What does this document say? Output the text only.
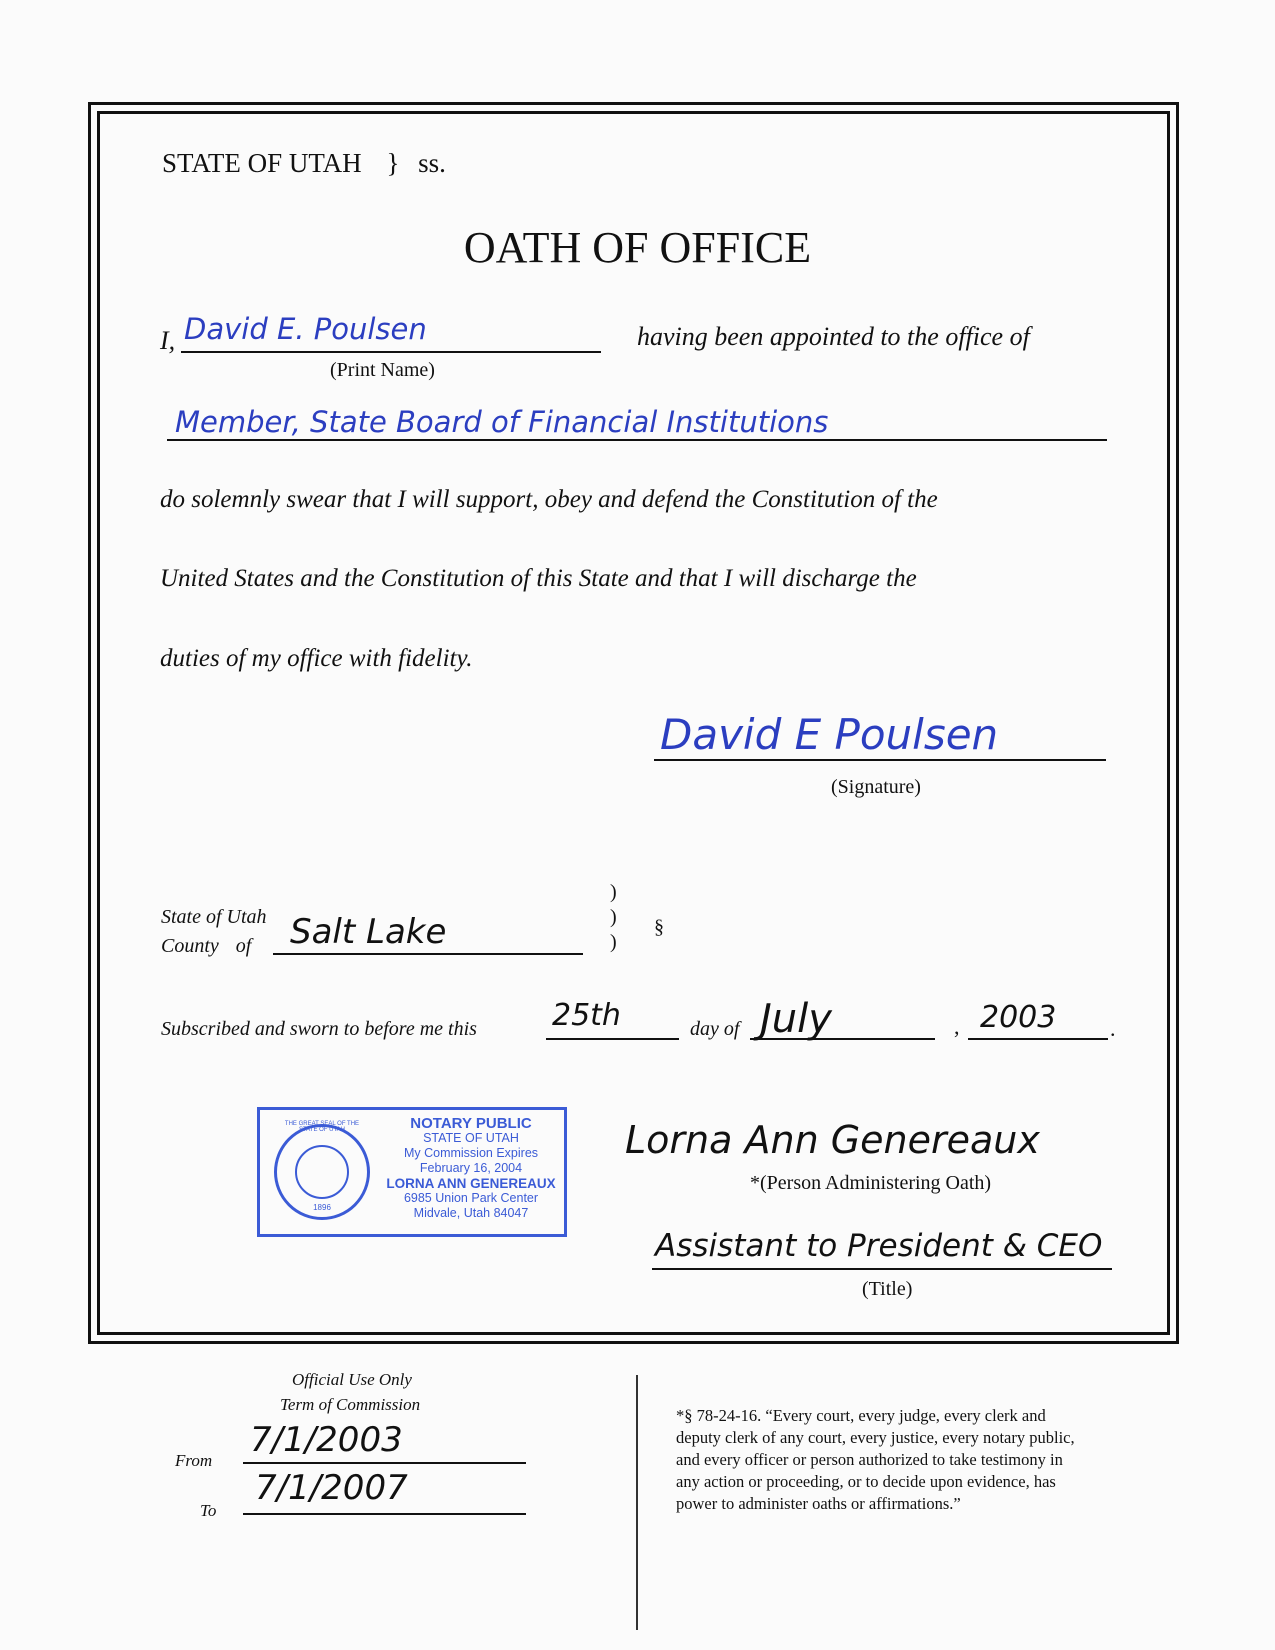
STATE OF UTAH } ss.
OATH OF OFFICE
I, David E. Poulsen
(Print Name)
having been appointed to the office of
Member, State Board of Financial Institutions
do solemnly swear that I will support, obey and defend the Constitution of the
United States and the Constitution of this State and that I will discharge the
duties of my office with fidelity.
David E Poulsen
(Signature)
State of Utah
County of Salt Lake
)
)
)
§
Subscribed and sworn to before me this	25th	day of July	, 2003 .
THE GREAT SEAL OF THE STATE OF UTAH
1896
NOTARY PUBLIC
STATE OF UTAH
My Commission Expires
February 16, 2004
LORNA ANN GENEREAUX
6985 Union Park Center
Midvale, Utah 84047
Lorna Ann Genereaux
*(Person Administering Oath)
Assistant to President & CEO
(Title)
Official Use Only
Term of Commission
From
7/1/2003
To
7/1/2007
*§ 78-24-16. “Every court, every judge, every clerk and
deputy clerk of any court, every justice, every notary public,
and every officer or person authorized to take testimony in
any action or proceeding, or to decide upon evidence, has
power to administer oaths or affirmations.”
